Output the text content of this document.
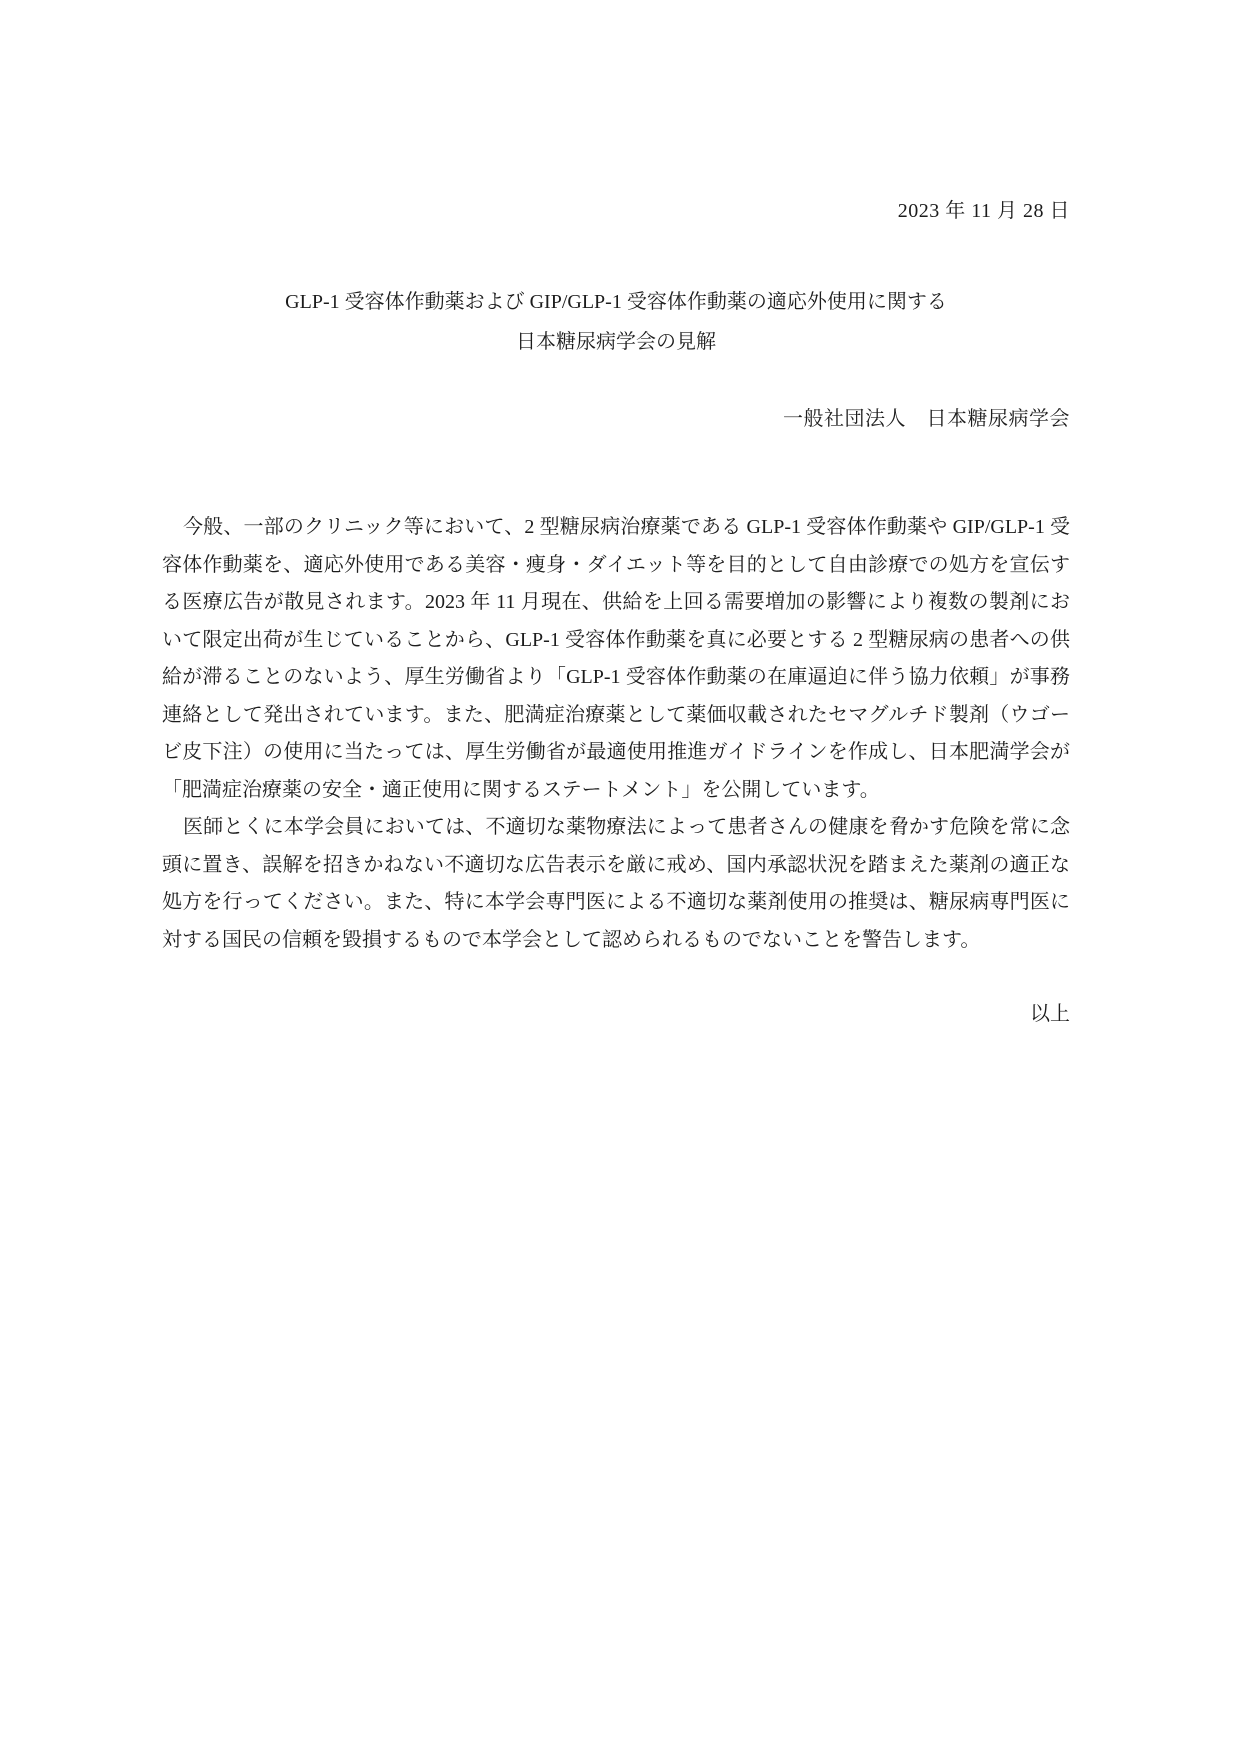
2023 年 11 月 28 日
GLP-1 受容体作動薬および GIP/GLP-1 受容体作動薬の適応外使用に関する
日本糖尿病学会の見解
一般社団法人　日本糖尿病学会

今般、一部のクリニック等において、2 型糖尿病治療薬である GLP-1 受容体作動薬や GIP/GLP-1 受容体作動薬を、適応外使用である美容・痩身・ダイエット等を目的として自由診療での処方を宣伝する医療広告が散見されます。2023 年 11 月現在、供給を上回る需要増加の影響により複数の製剤において限定出荷が生じていることから、GLP-1 受容体作動薬を真に必要とする 2 型糖尿病の患者への供給が滞ることのないよう、厚生労働省より「GLP-1 受容体作動薬の在庫逼迫に伴う協力依頼」が事務連絡として発出されています。また、肥満症治療薬として薬価収載されたセマグルチド製剤（ウゴービ皮下注）の使用に当たっては、厚生労働省が最適使用推進ガイドラインを作成し、日本肥満学会が「肥満症治療薬の安全・適正使用に関するステートメント」を公開しています。

医師とくに本学会員においては、不適切な薬物療法によって患者さんの健康を脅かす危険を常に念頭に置き、誤解を招きかねない不適切な広告表示を厳に戒め、国内承認状況を踏まえた薬剤の適正な処方を行ってください。また、特に本学会専門医による不適切な薬剤使用の推奨は、糖尿病専門医に対する国民の信頼を毀損するもので本学会として認められるものでないことを警告します。

以上
